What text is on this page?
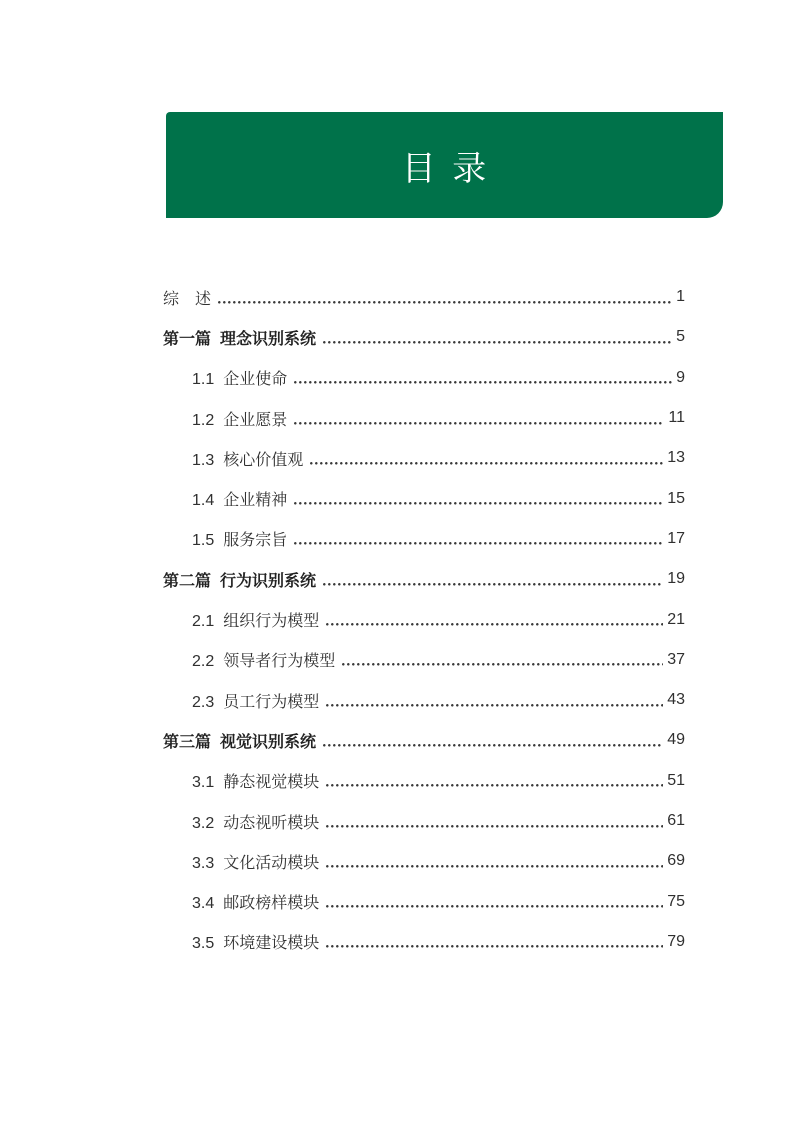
目 录
综　述	1
第一篇 理念识别系统	5
1.1 企业使命	9
1.2 企业愿景	11
1.3 核心价值观	13
1.4 企业精神	15
1.5 服务宗旨	17
第二篇 行为识别系统	19
2.1 组织行为模型	21
2.2 领导者行为模型	37
2.3 员工行为模型	43
第三篇 视觉识别系统	49
3.1 静态视觉模块	51
3.2 动态视听模块	61
3.3 文化活动模块	69
3.4 邮政榜样模块	75
3.5 环境建设模块	79
